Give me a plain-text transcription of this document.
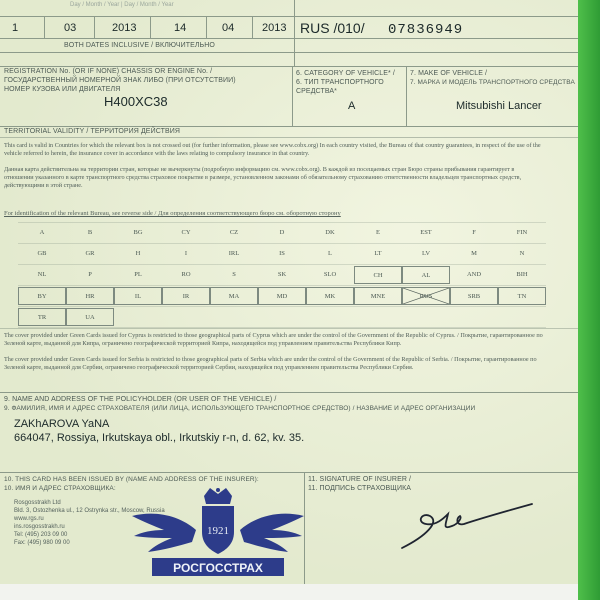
Day / Month / Year | Day / Month / Year
1	03	2013	14	04	2013
BOTH DATES INCLUSIVE / ВКЛЮЧИТЕЛЬНО
RUS /010/ 07836949
REGISTRATION No. (OR IF NONE) CHASSIS OR ENGINE No. /
ГОСУДАРСТВЕННЫЙ НОМЕРНОЙ ЗНАК ЛИБО (ПРИ ОТСУТСТВИИ)
НОМЕР КУЗОВА ИЛИ ДВИГАТЕЛЯ
H400XC38
6. CATEGORY OF VEHICLE* /
6. ТИП ТРАНСПОРТНОГО
СРЕДСТВА*
A
7. MAKE OF VEHICLE /
7. МАРКА И МОДЕЛЬ ТРАНСПОРТНОГО СРЕДСТВА
Mitsubishi Lancer
TERRITORIAL VALIDITY / ТЕРРИТОРИЯ ДЕЙСТВИЯ
This card is valid in Countries for which the relevant box is not crossed out (for further information, please see www.cobx.org) In each country visited, the Bureau of that country guarantees, in respect of the use of the vehicle referred to herein, the insurance cover in accordance with the laws relating to compulsory insurance in that country.
Данная карта действительна на территории стран, которые не вычеркнуты (подробную информацию см. www.cobx.org). В каждой из посещаемых стран Бюро страны прибывания гарантирует в отношении указанного в карте транспортного средства страховое покрытие в размере, установленном законами об обязательному страхованию ответственности владельцев транспортных средств, действующими в этой стране.
For identification of the relevant Bureau, see reverse side / Для определения соответствующего бюро см. оборотную сторону
A	B	BG	CY	CZ	D	DK	E	EST	F	FIN
GB	GR	H	I	IRL	IS	L	LT	LV	M	N
NL	P	PL	RO	S	SK	SLO	CH	AL	AND	BIH
BY	HR	IL	IR	MA	MD	MK	MNE	RUS	SRB	TN
TR	UA
The cover provided under Green Cards issued for Cyprus is restricted to those geographical parts of Cyprus which are under the control of the Government of the Republic of Cyprus. / Покрытие, гарантированное по Зеленой карте, выданной для Кипра, ограничено географической территорией Кипра, находящейся под управлением правительства Республики Кипр.
The cover provided under Green Cards issued for Serbia is restricted to those geographical parts of Serbia which are under the control of the Government of the Republic of Serbia. / Покрытие, гарантированное по Зеленой карте, выданной для Сербии, ограничено географической территорией Сербии, находящейся под управлением правительства Республики Сербия.
9. NAME AND ADDRESS OF THE POLICYHOLDER (OR USER OF THE VEHICLE) /
9. ФАМИЛИЯ, ИМЯ И АДРЕС СТРАХОВАТЕЛЯ (ИЛИ ЛИЦА, ИСПОЛЬЗУЮЩЕГО ТРАНСПОРТНОЕ СРЕДСТВО) / НАЗВАНИЕ И АДРЕС ОРГАНИЗАЦИИ
ZAKhAROVA YaNA
664047, Rossiya, Irkutskaya obl., Irkutskiy r-n, d. 62, kv. 35.
10. THIS CARD HAS BEEN ISSUED BY (NAME AND ADDRESS OF THE INSURER):
10. ИМЯ И АДРЕС СТРАХОВЩИКА:
Rosgosstrakh Ltd
Bld. 3, Ostozhenka ul., 12 Ostrynka str., Moscow, Russia
www.rgs.ru
ins.rosgosstrakh.ru
Tel: (495) 203 09 00
Fax: (495) 980 09 00
1921
РОСГОССТРАХ
11. SIGNATURE OF INSURER /
11. ПОДПИСЬ СТРАХОВЩИКА
